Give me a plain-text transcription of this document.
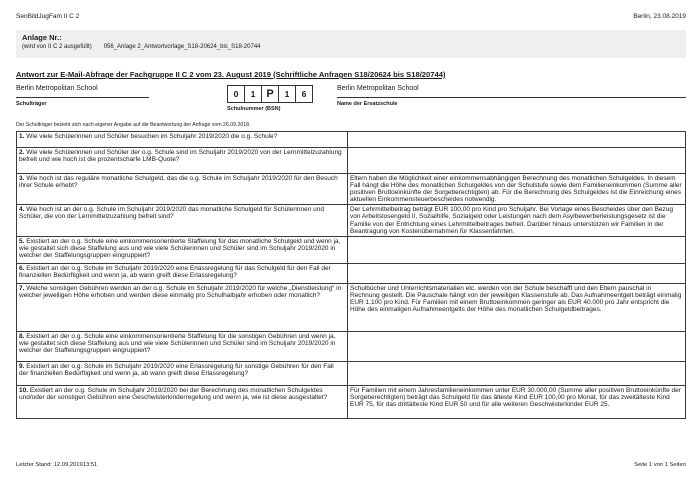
SenBildJugFam II C 2	Berlin, 23.08.2019
Anlage Nr.:
(wird von II C 2 ausgefüllt) 056_Anlage 2_Antwortvorlage_S18-20624_bis_S18-20744
Antwort zur E-Mail-Abfrage der Fachgruppe II C 2 vom 23. August 2019 (Schriftliche Anfragen S18/20624 bis S18/20744)
Berlin Metropolitan School
Schulträger
0	1 P	1	6
Schulnummer (BSN)
Berlin Metropolitan School
Name der Ersatzschule
Der Schulträger bezieht sich nach eigener Angabe auf die Beantwortung der Anfrage vom 26.09.2018.
1. Wie viele Schülerinnen und Schüler besuchen im Schuljahr 2019/2020 die o.g. Schule?	
2. Wie viele Schülerinnen und Schüler der o.g. Schule sind im Schuljahr 2019/2020 von der Lernmittelzuzahlung befreit und wie hoch ist die prozentscharfe LMB-Quote?	
3. Wie hoch ist das reguläre monatliche Schulgeld, das die o.g. Schule im Schuljahr 2019/2020 für den Besuch ihrer Schule erhebt?	Eltern haben die Möglichkeit einer einkommensabhängigen Berechnung des monatlichen Schulgeldes. In diesem Fall hängt die Höhe des monatlichen Schulgeldes von der Schulstufe sowie dem Familieneinkommen (Summe aller positiven Bruttoeinkünfte der Sorgeberechtigten) ab. Für die Berechnung des Schulgeldes ist die Einreichung eines aktuellen Einkommensteuerbescheides notwendig.
4. Wie hoch ist an der o.g. Schule im Schuljahr 2019/2020 das monatliche Schulgeld für Schülerinnen und Schüler, die von der Lernmittelzuzahlung befreit sind?	Der Lehrmittelbeitrag beträgt EUR 100,00 pro Kind pro Schuljahr. Bei Vorlage eines Bescheides über den Bezug von Arbeitslosengeld II, Sozialhilfe, Sozialgeld oder Leistungen nach dem Asylbewerberleistungsgesetz ist die Familie von der Entrichtung eines Lehrmittelbeitrages befreit. Darüber hinaus unterstützen wir Familien in der Beantragung von Kostenübernahmen für Klassenfahrten.
5. Existiert an der o.g. Schule eine einkommensorientierte Staffelung für das monatliche Schulgeld und wenn ja, wie gestaltet sich diese Staffelung aus und wie viele Schülerinnen und Schüler sind im Schuljahr 2019/2020 in welcher der Staffelungsgruppen eingruppiert?	
6. Existiert an der o.g. Schule im Schuljahr 2019/2020 eine Erlassregelung für das Schulgeld für den Fall der finanziellen Bedürftigkeit und wenn ja, ab wann greift diese Erlassregelung?	
7. Welche sonstigen Gebühren werden an der o.g. Schule im Schuljahr 2019/2020 für welche „Dienstleistung“ in welcher jeweiligen Höhe erhoben und werden diese einmalig pro Schulhalbjahr erhoben oder monatlich?	Schulbücher und Unterrichtsmaterialien etc. werden von der Schule beschafft und den Eltern pauschal in Rechnung gestellt. Die Pauschale hängt von der jeweiligen Klassenstufe ab. Das Aufnahmeentgelt beträgt einmalig EUR 1.100 pro Kind. Für Familien mit einem Bruttoeinkommen geringer als EUR 40.000 pro Jahr entspricht die Höhe des einmaligen Aufnahmeentgelts der Höhe des monatlichen Schulgeldbeitrages.
8. Existiert an der o.g. Schule eine einkommensorientierte Staffelung für die sonstigen Gebühren und wenn ja, wie gestaltet sich diese Staffelung aus und wie viele Schülerinnen und Schüler sind im Schuljahr 2019/2020 in welcher der Staffelungsgruppen eingruppiert?	
9. Existiert an der o.g. Schule im Schuljahr 2019/2020 eine Erlassregelung für sonstige Gebühren für den Fall der finanziellen Bedürftigkeit und wenn ja, ab wann greift diese Erlassregelung?	
10. Existiert an der o.g. Schule im Schuljahr 2019/2020 bei der Berechnung des monatlichen Schulgeldes und/oder der sonstigen Gebühren eine Geschwisterkinderregelung und wenn ja, wie ist diese ausgestaltet?	Für Familien mit einem Jahresfamilieneinkommen unter EUR 30.000,00 (Summe aller positiven Bruttoeinkünfte der Sorgeberechtigten) beträgt das Schulgeld für das älteste Kind EUR 100,00 pro Monat, für das zweitälteste Kind EUR 75, für das drittälteste Kind EUR 50 und für alle weiteren Geschwisterkinder EUR 25.
Letzter Stand: 12.09.201913:51	Seite 1 von 1 Seiten
